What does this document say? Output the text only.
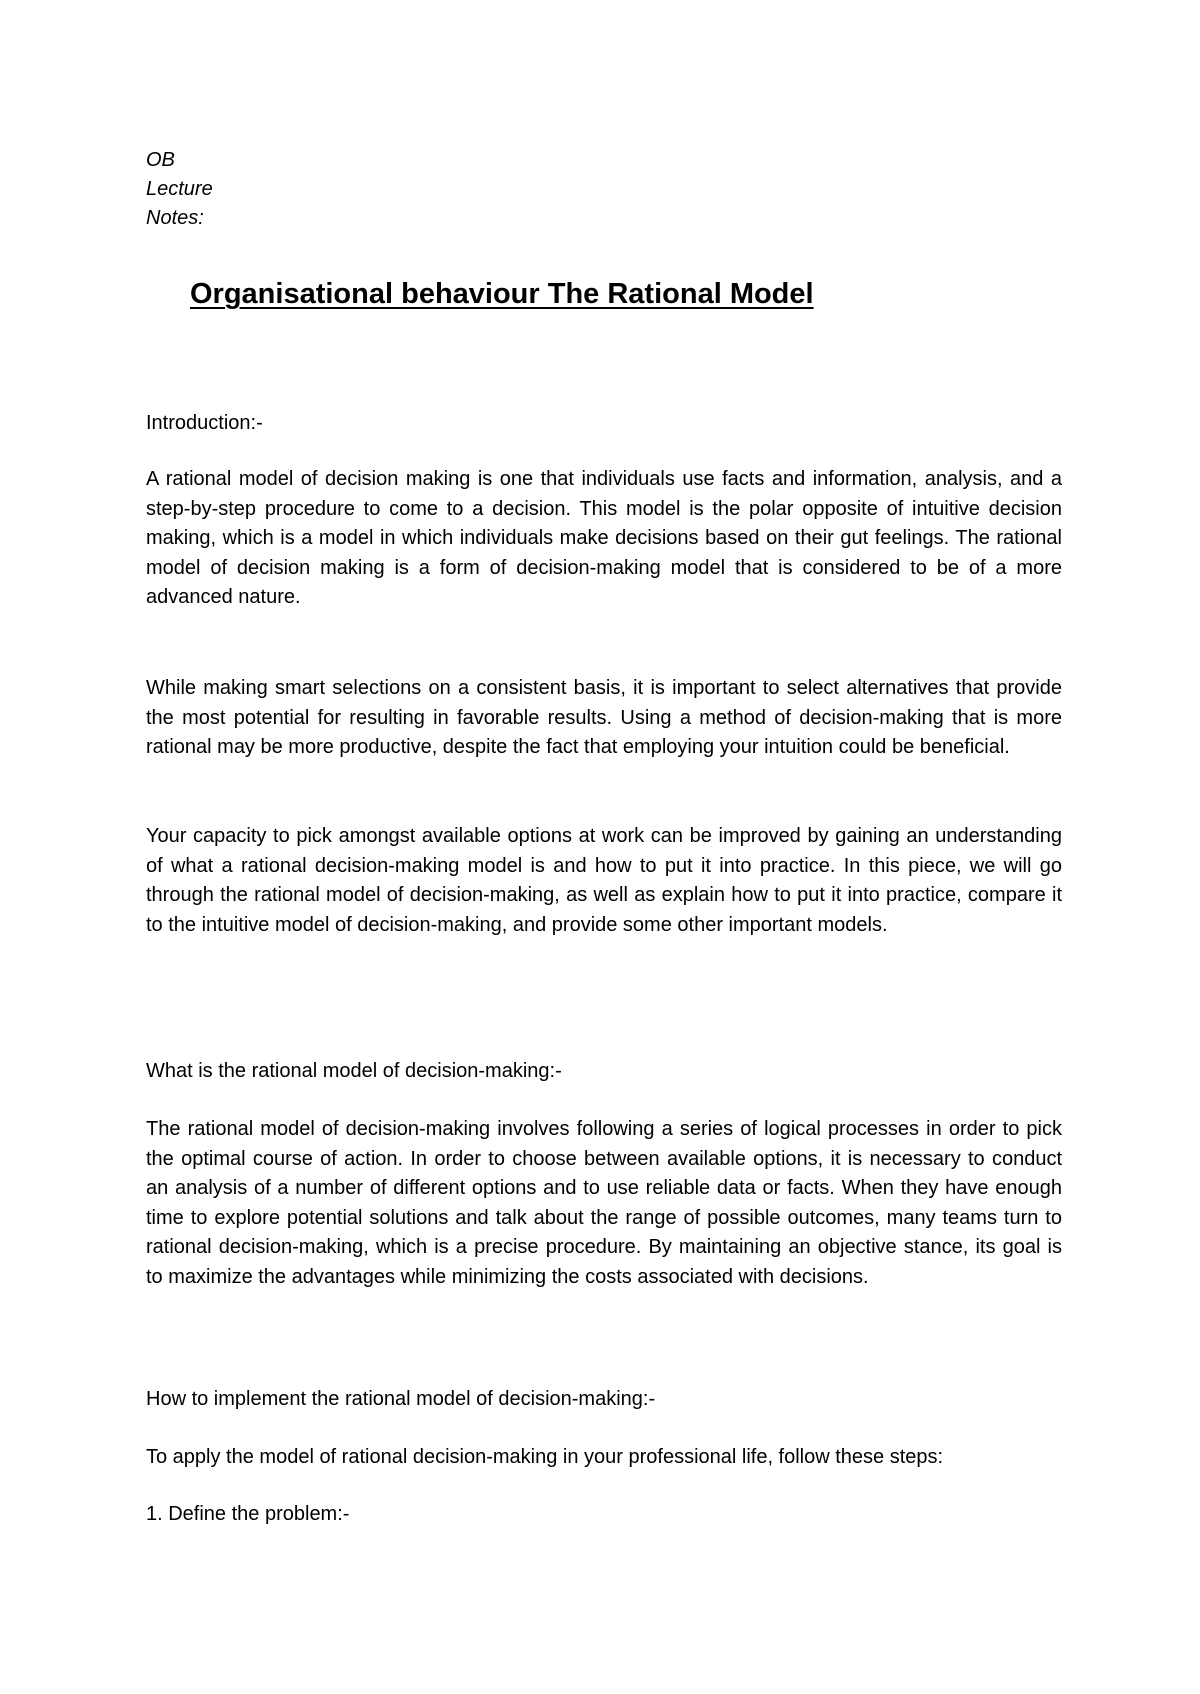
OB
Lecture
Notes:
Organisational behaviour The Rational Model
Introduction:-

A rational model of decision making is one that individuals use facts and information, analysis, and a step-by-step procedure to come to a decision. This model is the polar opposite of intuitive decision making, which is a model in which individuals make decisions based on their gut feelings. The rational model of decision making is a form of decision-making model that is considered to be of a more advanced nature.

While making smart selections on a consistent basis, it is important to select alternatives that provide the most potential for resulting in favorable results. Using a method of decision-making that is more rational may be more productive, despite the fact that employing your intuition could be beneficial.

Your capacity to pick amongst available options at work can be improved by gaining an understanding of what a rational decision-making model is and how to put it into practice. In this piece, we will go through the rational model of decision-making, as well as explain how to put it into practice, compare it to the intuitive model of decision-making, and provide some other important models.

What is the rational model of decision-making:-

The rational model of decision-making involves following a series of logical processes in order to pick the optimal course of action. In order to choose between available options, it is necessary to conduct an analysis of a number of different options and to use reliable data or facts. When they have enough time to explore potential solutions and talk about the range of possible outcomes, many teams turn to rational decision-making, which is a precise procedure. By maintaining an objective stance, its goal is to maximize the advantages while minimizing the costs associated with decisions.

How to implement the rational model of decision-making:-
To apply the model of rational decision-making in your professional life, follow these steps:
1. Define the problem:-
